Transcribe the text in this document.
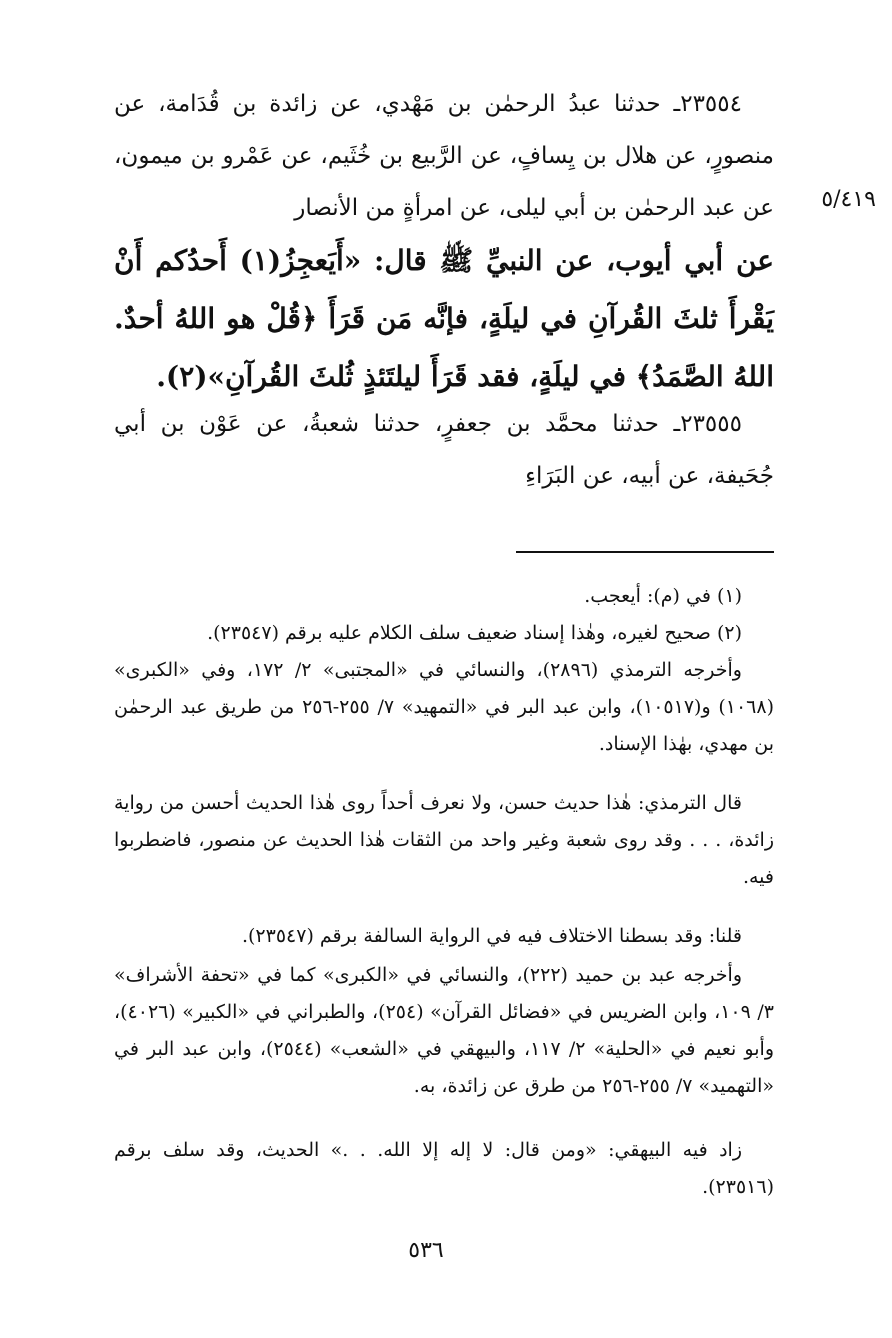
٥/٤١٩

٢٣٥٥٤ـ حدثنا عبدُ الرحمٰن بن مَهْدي، عن زائدة بن قُدَامة، عن منصورٍ، عن هلال بن يِسافٍ، عن الرَّبيع بن خُثَيم، عن عَمْرو بن ميمون، عن عبد الرحمٰن بن أبي ليلى، عن امرأةٍ من الأنصار

عن أبي أيوب، عن النبيِّ ﷺ قال: «أَيَعجِزُ(١) أَحدُكم أَنْ يَقْرأَ ثلثَ القُرآنِ في ليلَةٍ، فإنَّه مَن قَرَأَ ﴿قُلْ هو اللهُ أحدٌ. اللهُ الصَّمَدُ﴾ في ليلَةٍ، فقد قَرَأَ ليلتَئذٍ ثُلثَ القُرآنِ»(٢).

٢٣٥٥٥ـ حدثنا محمَّد بن جعفرٍ، حدثنا شعبةُ، عن عَوْن بن أبي جُحَيفة، عن أبيه، عن البَرَاءِ

(١) في (م): أيعجب.

(٢) صحيح لغيره، وهٰذا إسناد ضعيف سلف الكلام عليه برقم (٢٣٥٤٧).

وأخرجه الترمذي (٢٨٩٦)، والنسائي في «المجتبى» ٢/ ١٧٢، وفي «الكبرى» (١٠٦٨) و(١٠٥١٧)، وابن عبد البر في «التمهيد» ٧/ ٢٥٥-٢٥٦ من طريق عبد الرحمٰن بن مهدي، بهٰذا الإسناد.

قال الترمذي: هٰذا حديث حسن، ولا نعرف أحداً روى هٰذا الحديث أحسن من رواية زائدة، . . . وقد روى شعبة وغير واحد من الثقات هٰذا الحديث عن منصور، فاضطربوا فيه.

قلنا: وقد بسطنا الاختلاف فيه في الرواية السالفة برقم (٢٣٥٤٧).

وأخرجه عبد بن حميد (٢٢٢)، والنسائي في «الكبرى» كما في «تحفة الأشراف» ٣/ ١٠٩، وابن الضريس في «فضائل القرآن» (٢٥٤)، والطبراني في «الكبير» (٤٠٢٦)، وأبو نعيم في «الحلية» ٢/ ١١٧، والبيهقي في «الشعب» (٢٥٤٤)، وابن عبد البر في «التهميد» ٧/ ٢٥٥-٢٥٦ من طرق عن زائدة، به.

زاد فيه البيهقي: «ومن قال: لا إله إلا الله. . .» الحديث، وقد سلف برقم (٢٣٥١٦).

٥٣٦
